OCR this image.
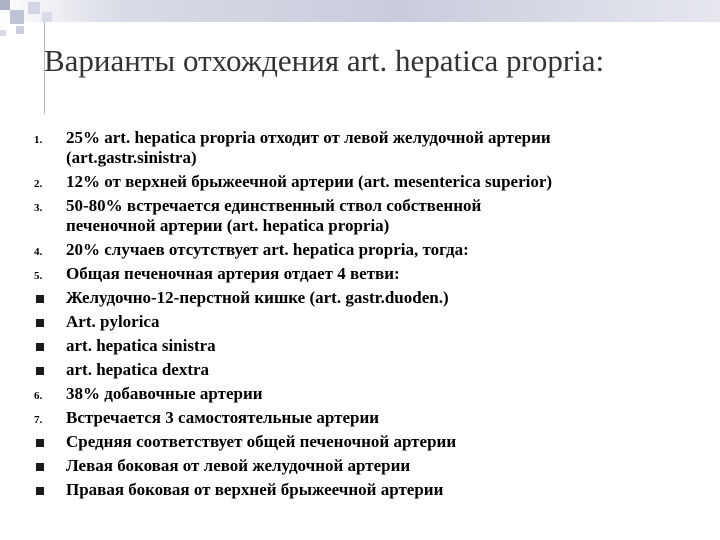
Варианты отхождения art. hepatica propria:
1. 25% art. hepatica propria отходит от левой желудочной артерии
(art.gastr.sinistra)
2. 12% от верхней брыжеечной артерии (art. mesenterica superior)
3. 50-80% встречается единственный ствол собственной
печеночной артерии (art. hepatica propria)
4. 20% случаев отсутствует art. hepatica propria, тогда:
5. Общая печеночная артерия отдает 4 ветви:
Желудочно-12-перстной кишке (art. gastr.duoden.)
Art. pylorica
art. hepatica sinistra
art. hepatica dextra
6. 38% добавочные артерии
7. Встречается 3 самостоятельные артерии
Средняя соответствует общей печеночной артерии
Левая боковая от левой желудочной артерии
Правая боковая от верхней брыжеечной артерии
